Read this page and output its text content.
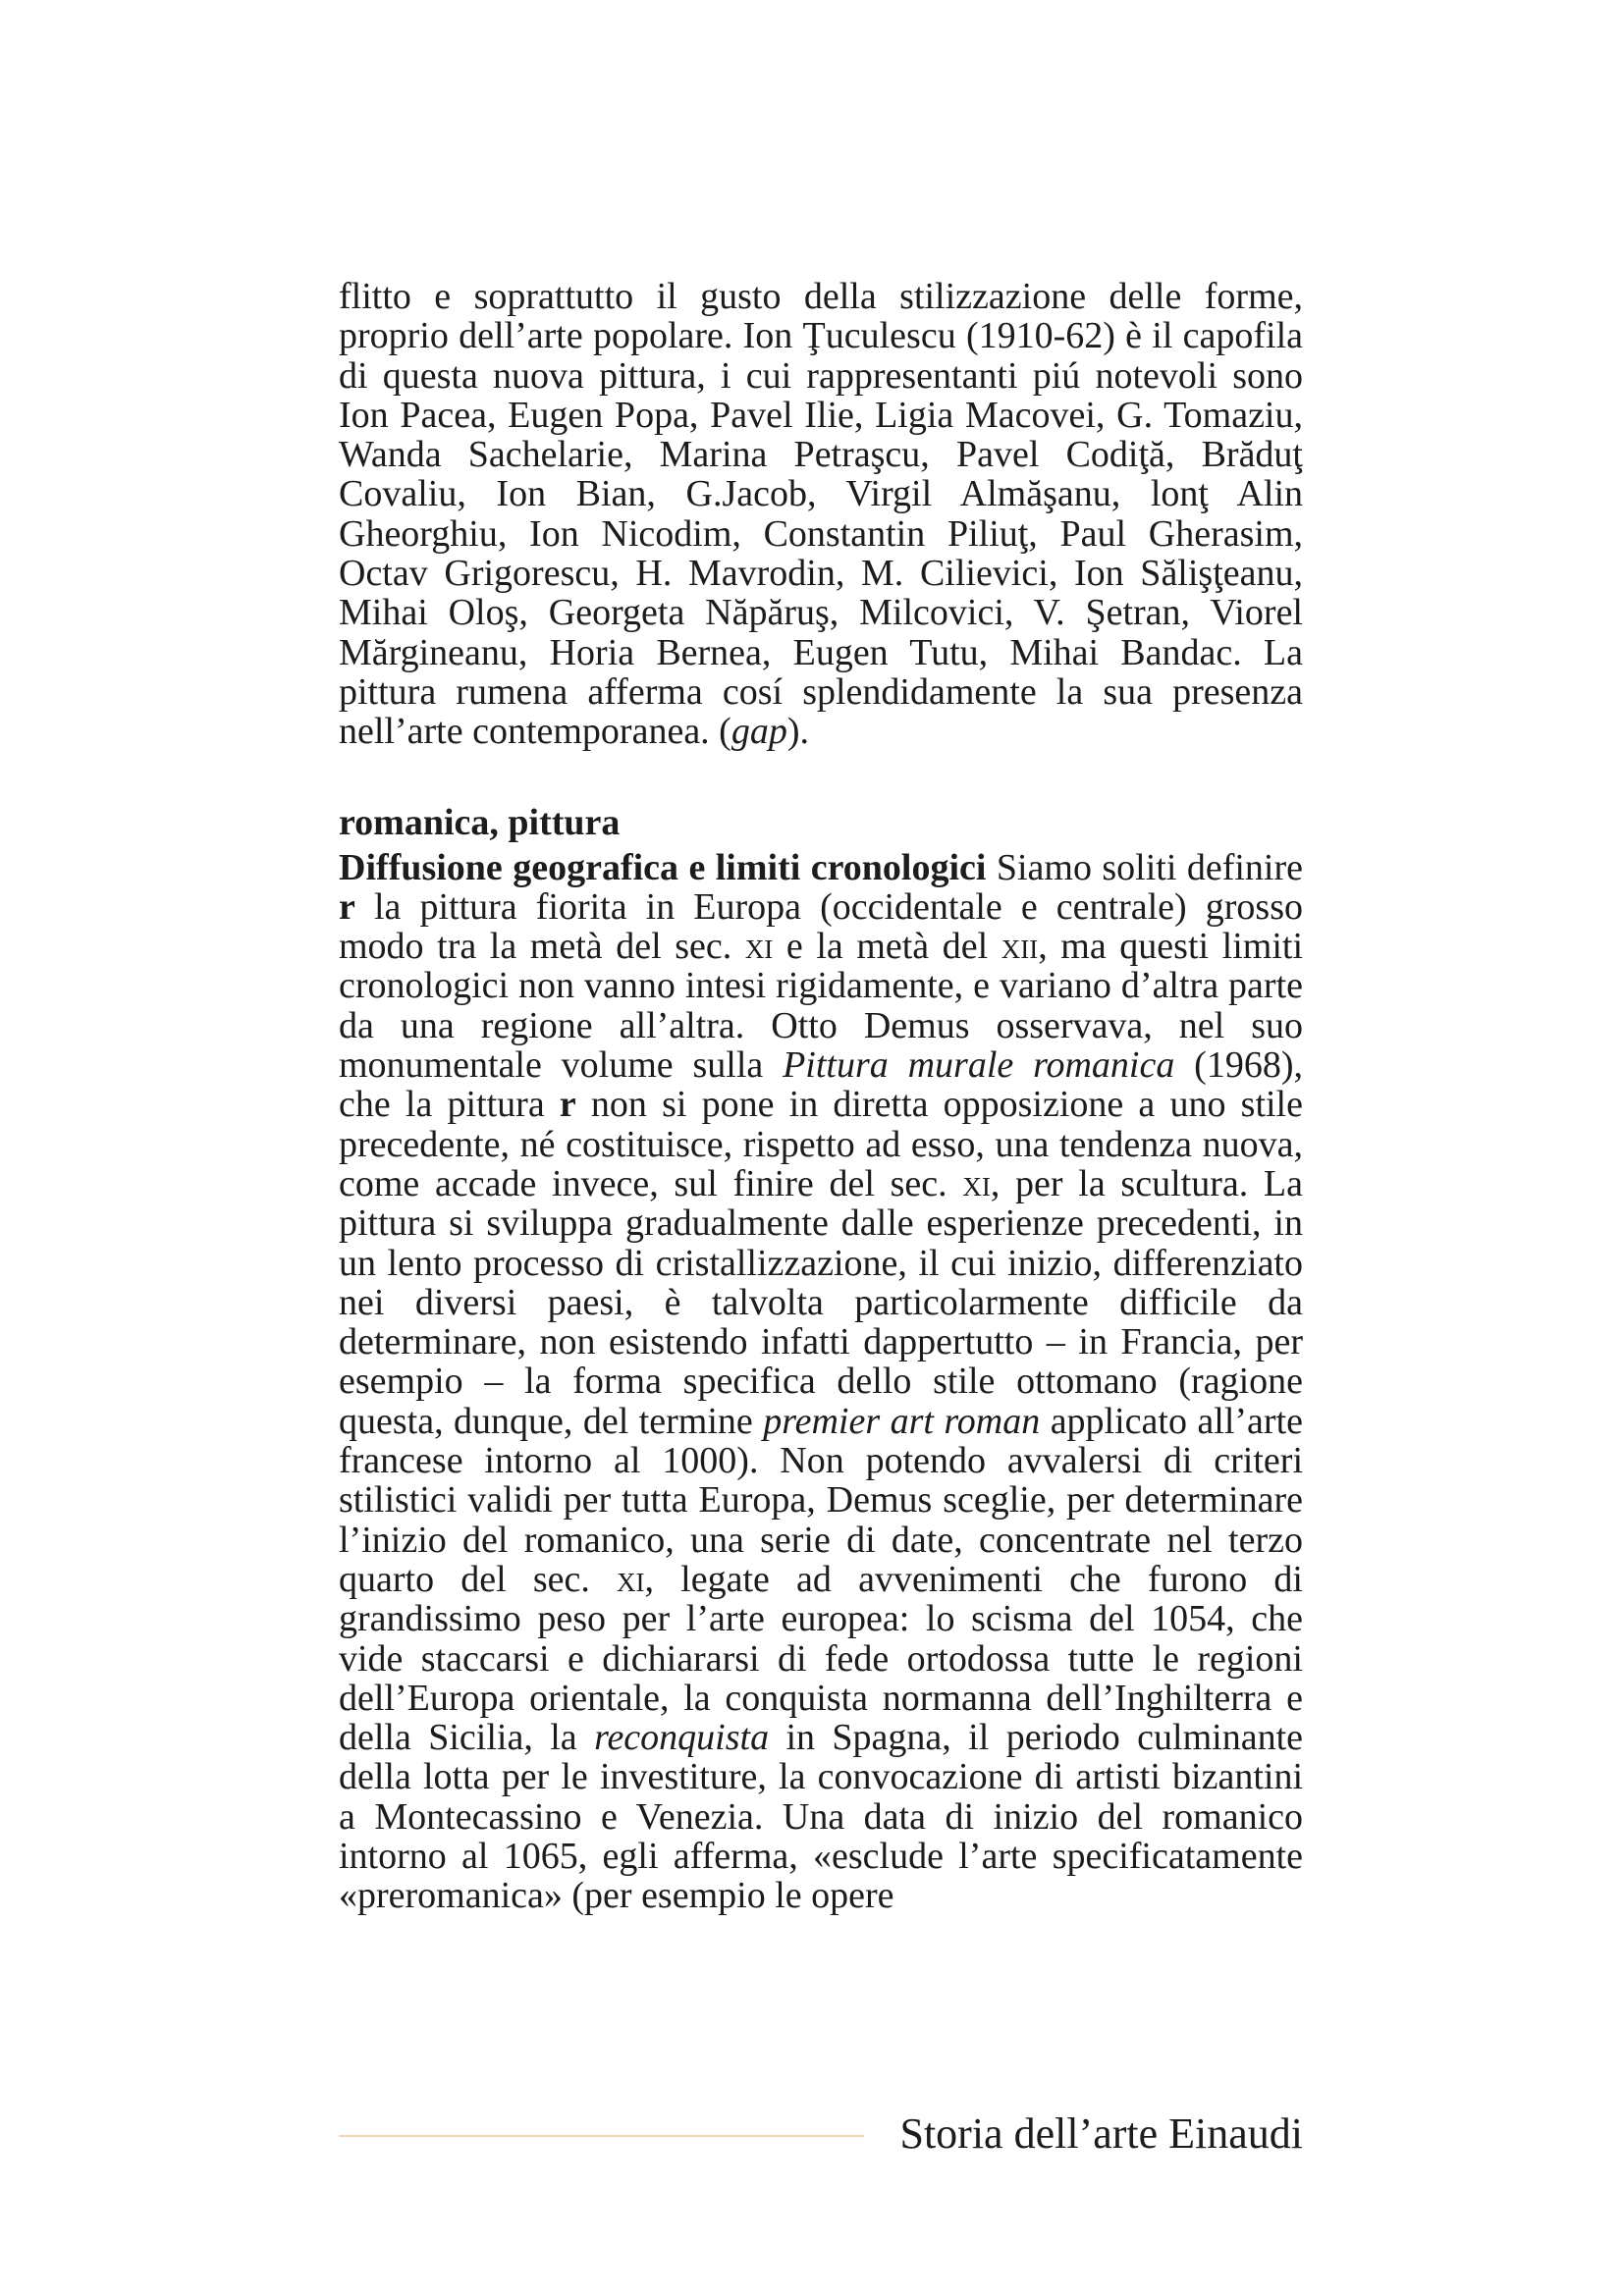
flitto e soprattutto il gusto della stilizzazione delle forme, proprio dell’arte popolare. Ion Ţuculescu (1910-62) è il capofila di questa nuova pittura, i cui rappresentanti piú notevoli sono Ion Pacea, Eugen Popa, Pavel Ilie, Ligia Macovei, G. Tomaziu, Wanda Sachelarie, Marina Petraşcu, Pavel Codiţă, Brăduţ Covaliu, Ion Bian, G.Jacob, Virgil Almăşanu, lonţ Alin Gheorghiu, Ion Nicodim, Constantin Piliuţ, Paul Gherasim, Octav Grigorescu, H. Mavrodin, M. Cilievici, Ion Sălişţeanu, Mihai Oloş, Georgeta Năpăruş, Milcovici, V. Şetran, Viorel Mărgineanu, Horia Bernea, Eugen Tutu, Mihai Bandac. La pittura rumena afferma cosí splendidamente la sua presenza nell’arte contemporanea. (gap).

romanica, pittura

Diffusione geografica e limiti cronologici Siamo soliti definire r la pittura fiorita in Europa (occidentale e centrale) grosso modo tra la metà del sec. xi e la metà del xii, ma questi limiti cronologici non vanno intesi rigidamente, e variano d’altra parte da una regione all’altra. Otto Demus osservava, nel suo monumentale volume sulla Pittura murale romanica (1968), che la pittura r non si pone in diretta opposizione a uno stile precedente, né costituisce, rispetto ad esso, una tendenza nuova, come accade invece, sul finire del sec. xi, per la scultura. La pittura si sviluppa gradualmente dalle esperienze precedenti, in un lento processo di cristallizzazione, il cui inizio, differenziato nei diversi paesi, è talvolta particolarmente difficile da determinare, non esistendo infatti dappertutto – in Francia, per esempio – la forma specifica dello stile ottomano (ragione questa, dunque, del termine premier art roman applicato all’arte francese intorno al 1000). Non potendo avvalersi di criteri stilistici validi per tutta Europa, Demus sceglie, per determinare l’inizio del romanico, una serie di date, concentrate nel terzo quarto del sec. xi, legate ad avvenimenti che furono di grandissimo peso per l’arte europea: lo scisma del 1054, che vide staccarsi e dichiararsi di fede ortodossa tutte le regioni dell’Europa orientale, la conquista normanna dell’Inghilterra e della Sicilia, la reconquista in Spagna, il periodo culminante della lotta per le investiture, la convocazione di artisti bizantini a Montecassino e Venezia. Una data di inizio del romanico intorno al 1065, egli afferma, «esclude l’arte specificatamente «preromanica» (per esempio le opere

Storia dell’arte Einaudi
